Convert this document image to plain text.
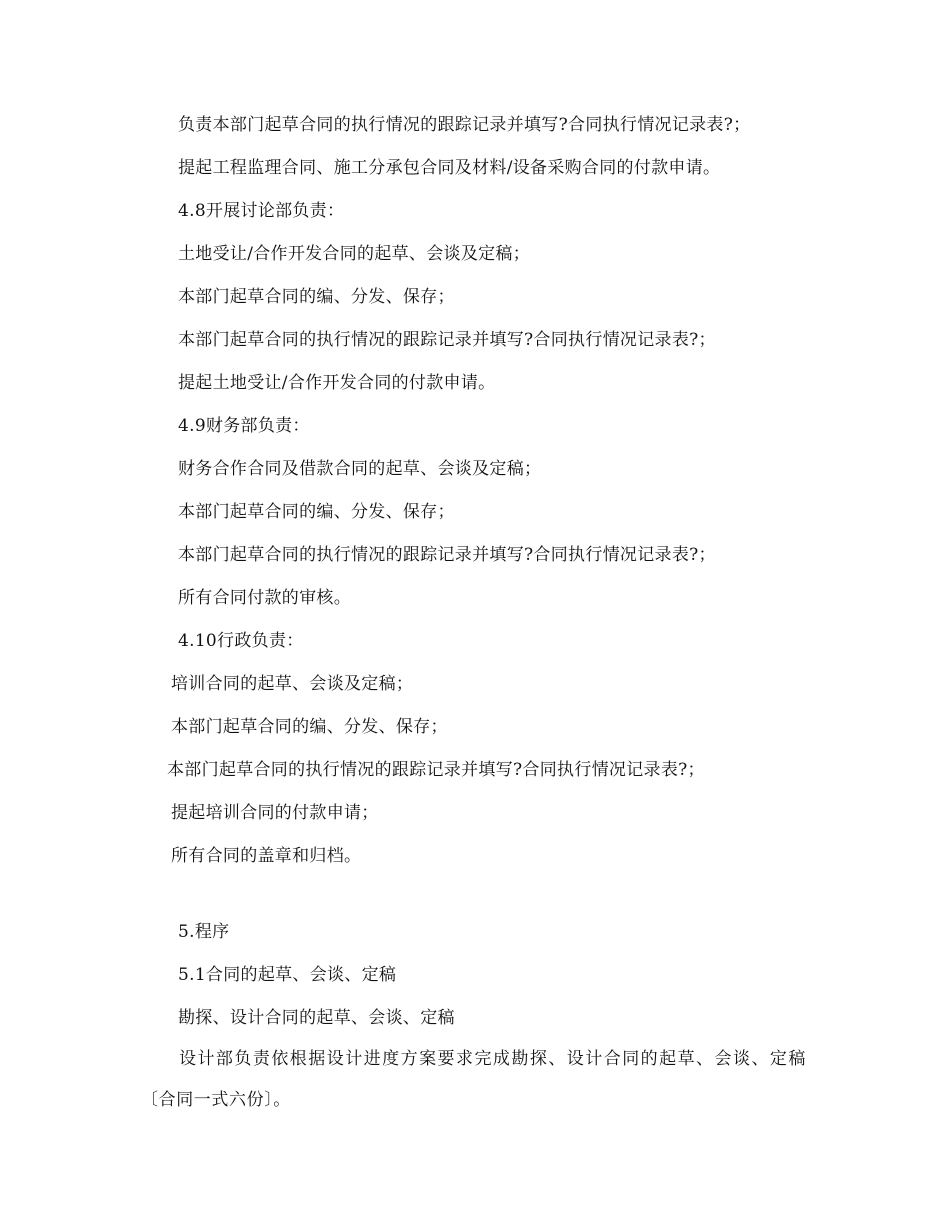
负责本部门起草合同的执行情况的跟踪记录并填写?合同执行情况记录表?；
提起工程监理合同、施工分承包合同及材料/设备采购合同的付款申请。
4.8开展讨论部负责：
土地受让/合作开发合同的起草、会谈及定稿；
本部门起草合同的编、分发、保存；
本部门起草合同的执行情况的跟踪记录并填写?合同执行情况记录表?；
提起土地受让/合作开发合同的付款申请。
4.9财务部负责：
财务合作合同及借款合同的起草、会谈及定稿；
本部门起草合同的编、分发、保存；
本部门起草合同的执行情况的跟踪记录并填写?合同执行情况记录表?；
所有合同付款的审核。
4.10行政负责：
培训合同的起草、会谈及定稿；
本部门起草合同的编、分发、保存；
本部门起草合同的执行情况的跟踪记录并填写?合同执行情况记录表?；
提起培训合同的付款申请；
所有合同的盖章和归档。
5.程序
5.1合同的起草、会谈、定稿
勘探、设计合同的起草、会谈、定稿
设计部负责依根据设计进度方案要求完成勘探、设计合同的起草、会谈、定稿〔合同一式六份〕。
